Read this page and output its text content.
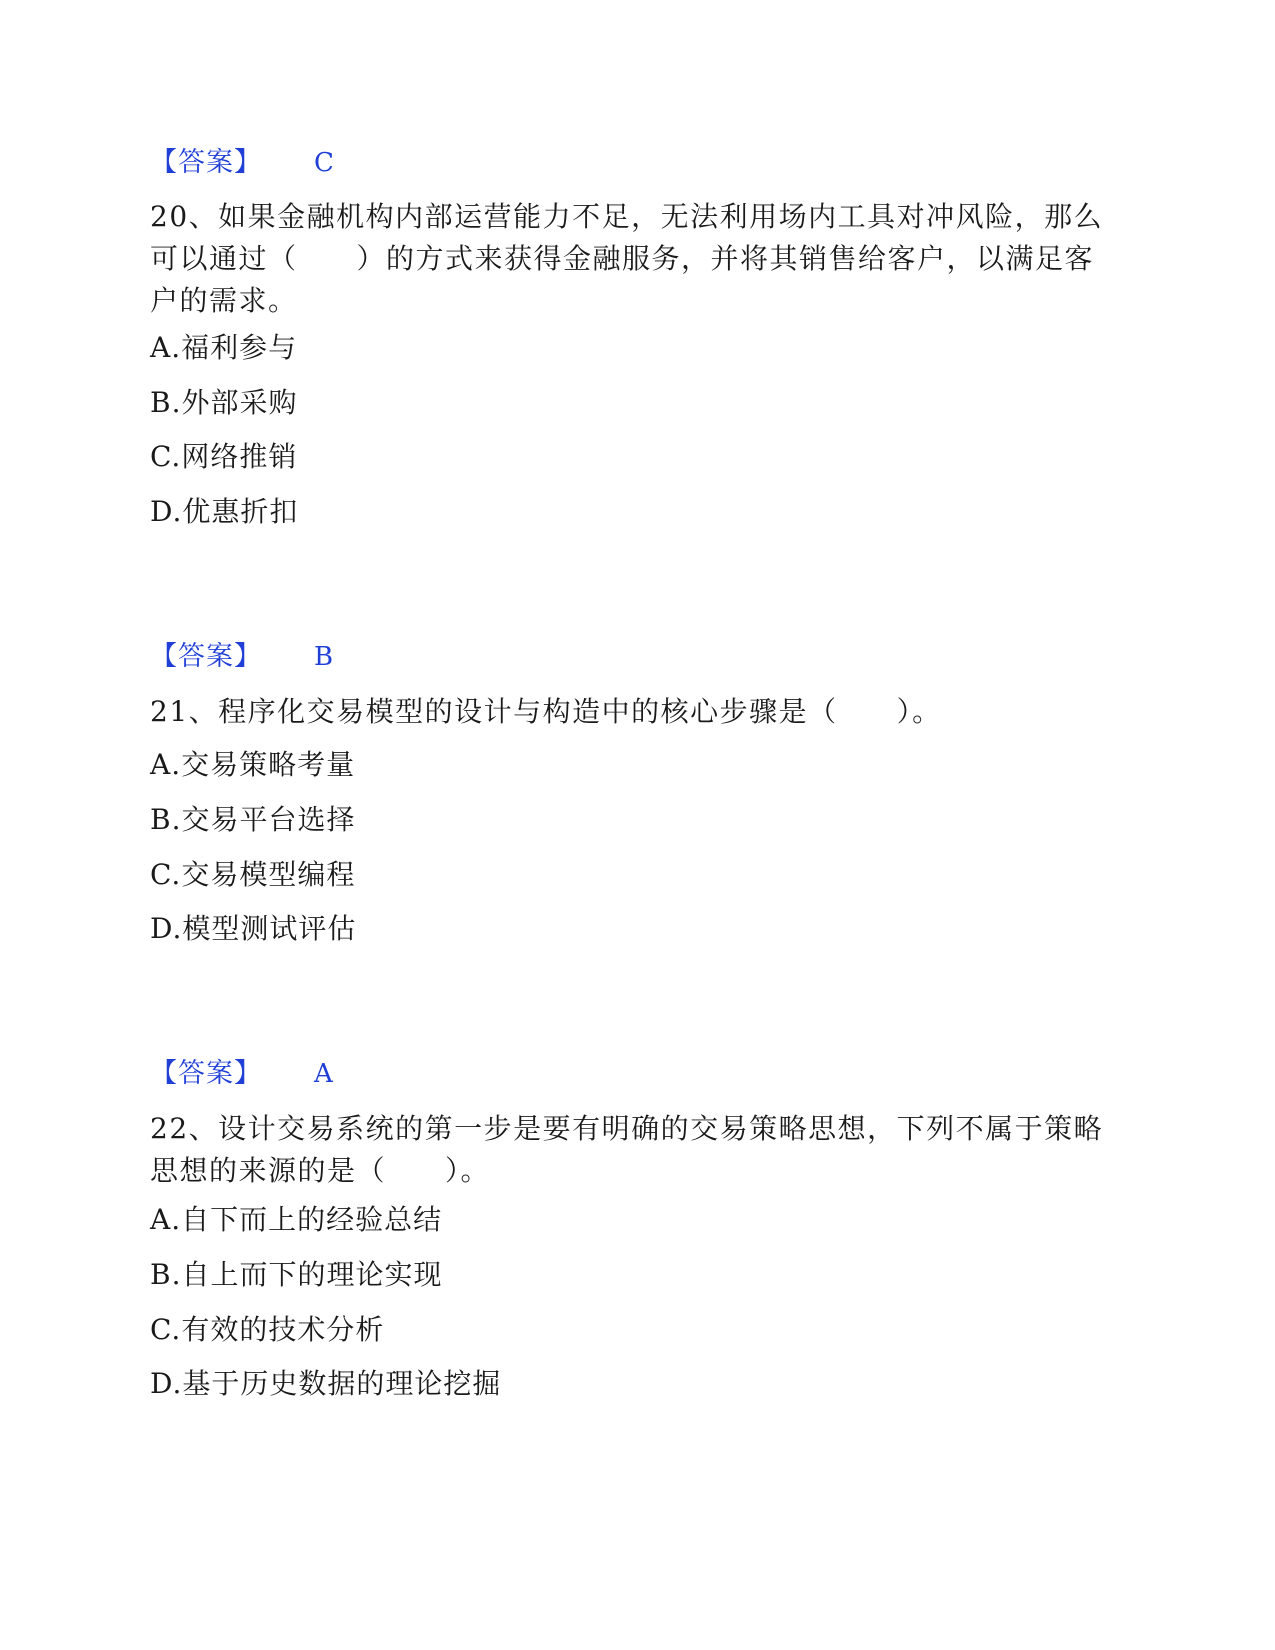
【答案】 C
20、如果金融机构内部运营能力不足，无法利用场内工具对冲风险，那么可以通过（　　）的方式来获得金融服务，并将其销售给客户，以满足客户的需求。
A.福利参与
B.外部采购
C.网络推销
D.优惠折扣
【答案】 B
21、程序化交易模型的设计与构造中的核心步骤是（　　）。
A.交易策略考量
B.交易平台选择
C.交易模型编程
D.模型测试评估
【答案】 A
22、设计交易系统的第一步是要有明确的交易策略思想，下列不属于策略思想的来源的是（　　）。
A.自下而上的经验总结
B.自上而下的理论实现
C.有效的技术分析
D.基于历史数据的理论挖掘
